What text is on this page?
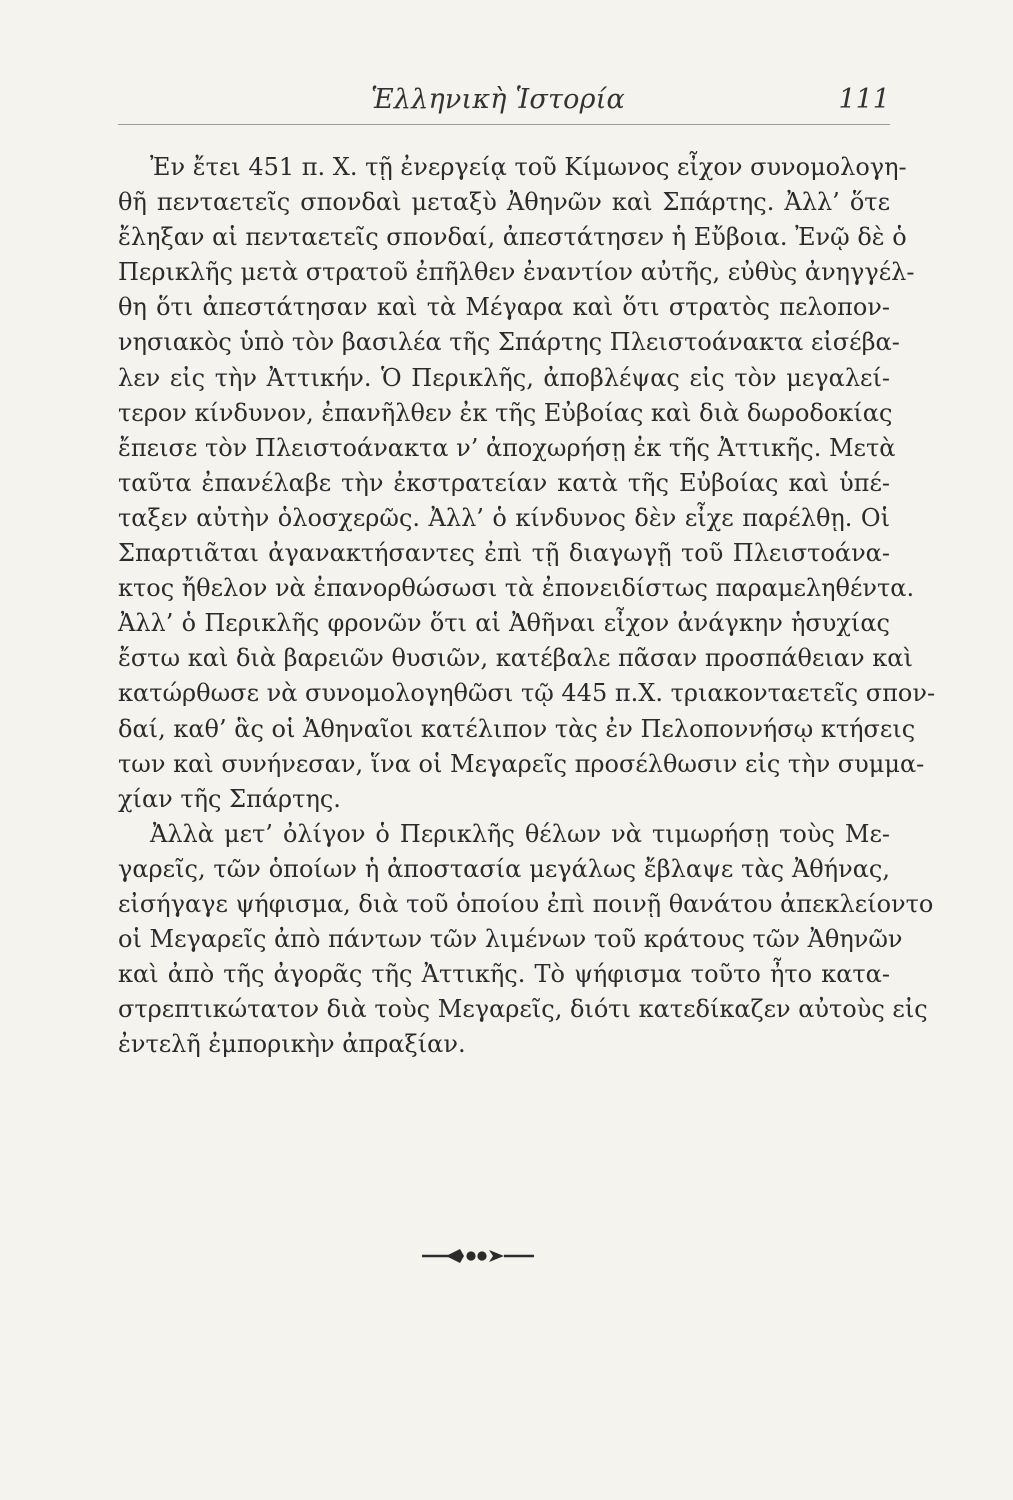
Ἑλληνικὴ Ἱστορία	111
Ἐν ἔτει 451 π. Χ. τῇ ἐνεργείᾳ τοῦ Κίμωνος εἶχον συνομολογη-
θῆ πενταετεῖς σπονδαὶ μεταξὺ Ἀθηνῶν καὶ Σπάρτης. Ἀλλ’ ὅτε
ἔληξαν αἱ πενταετεῖς σπονδαί, ἀπεστάτησεν ἡ Εὔβοια. Ἐνῷ δὲ ὁ
Περικλῆς μετὰ στρατοῦ ἐπῆλθεν ἐναντίον αὐτῆς, εὐθὺς ἀνηγγέλ-
θη ὅτι ἀπεστάτησαν καὶ τὰ Μέγαρα καὶ ὅτι στρατὸς πελοπον-
νησιακὸς ὑπὸ τὸν βασιλέα τῆς Σπάρτης Πλειστοάνακτα εἰσέβα-
λεν εἰς τὴν Ἀττικήν. Ὁ Περικλῆς, ἀποβλέψας εἰς τὸν μεγαλεί-
τερον κίνδυνον, ἐπανῆλθεν ἐκ τῆς Εὐβοίας καὶ διὰ δωροδοκίας
ἔπεισε τὸν Πλειστοάνακτα ν’ ἀποχωρήσῃ ἐκ τῆς Ἀττικῆς. Μετὰ
ταῦτα ἐπανέλαβε τὴν ἐκστρατείαν κατὰ τῆς Εὐβοίας καὶ ὑπέ-
ταξεν αὐτὴν ὁλοσχερῶς. Ἀλλ’ ὁ κίνδυνος δὲν εἶχε παρέλθῃ. Οἱ
Σπαρτιᾶται ἀγανακτήσαντες ἐπὶ τῇ διαγωγῇ τοῦ Πλειστοάνα-
κτος ἤθελον νὰ ἐπανορθώσωσι τὰ ἐπονειδίστως παραμεληθέντα.
Ἀλλ’ ὁ Περικλῆς φρονῶν ὅτι αἱ Ἀθῆναι εἶχον ἀνάγκην ἡσυχίας
ἔστω καὶ διὰ βαρειῶν θυσιῶν, κατέβαλε πᾶσαν προσπάθειαν καὶ
κατώρθωσε νὰ συνομολογηθῶσι τῷ 445 π.Χ. τριακονταετεῖς σπον-
δαί, καθ’ ἃς οἱ Ἀθηναῖοι κατέλιπον τὰς ἐν Πελοποννήσῳ κτήσεις
των καὶ συνήνεσαν, ἵνα οἱ Μεγαρεῖς προσέλθωσιν εἰς τὴν συμμα-
χίαν τῆς Σπάρτης.
Ἀλλὰ μετ’ ὀλίγον ὁ Περικλῆς θέλων νὰ τιμωρήσῃ τοὺς Με-
γαρεῖς, τῶν ὁποίων ἡ ἀποστασία μεγάλως ἔβλαψε τὰς Ἀθήνας,
εἰσήγαγε ψήφισμα, διὰ τοῦ ὁποίου ἐπὶ ποινῇ θανάτου ἀπεκλείοντο
οἱ Μεγαρεῖς ἀπὸ πάντων τῶν λιμένων τοῦ κράτους τῶν Ἀθηνῶν
καὶ ἀπὸ τῆς ἀγορᾶς τῆς Ἀττικῆς. Τὸ ψήφισμα τοῦτο ἦτο κατα-
στρεπτικώτατον διὰ τοὺς Μεγαρεῖς, διότι κατεδίκαζεν αὐτοὺς εἰς
ἐντελῆ ἐμπορικὴν ἀπραξίαν.
